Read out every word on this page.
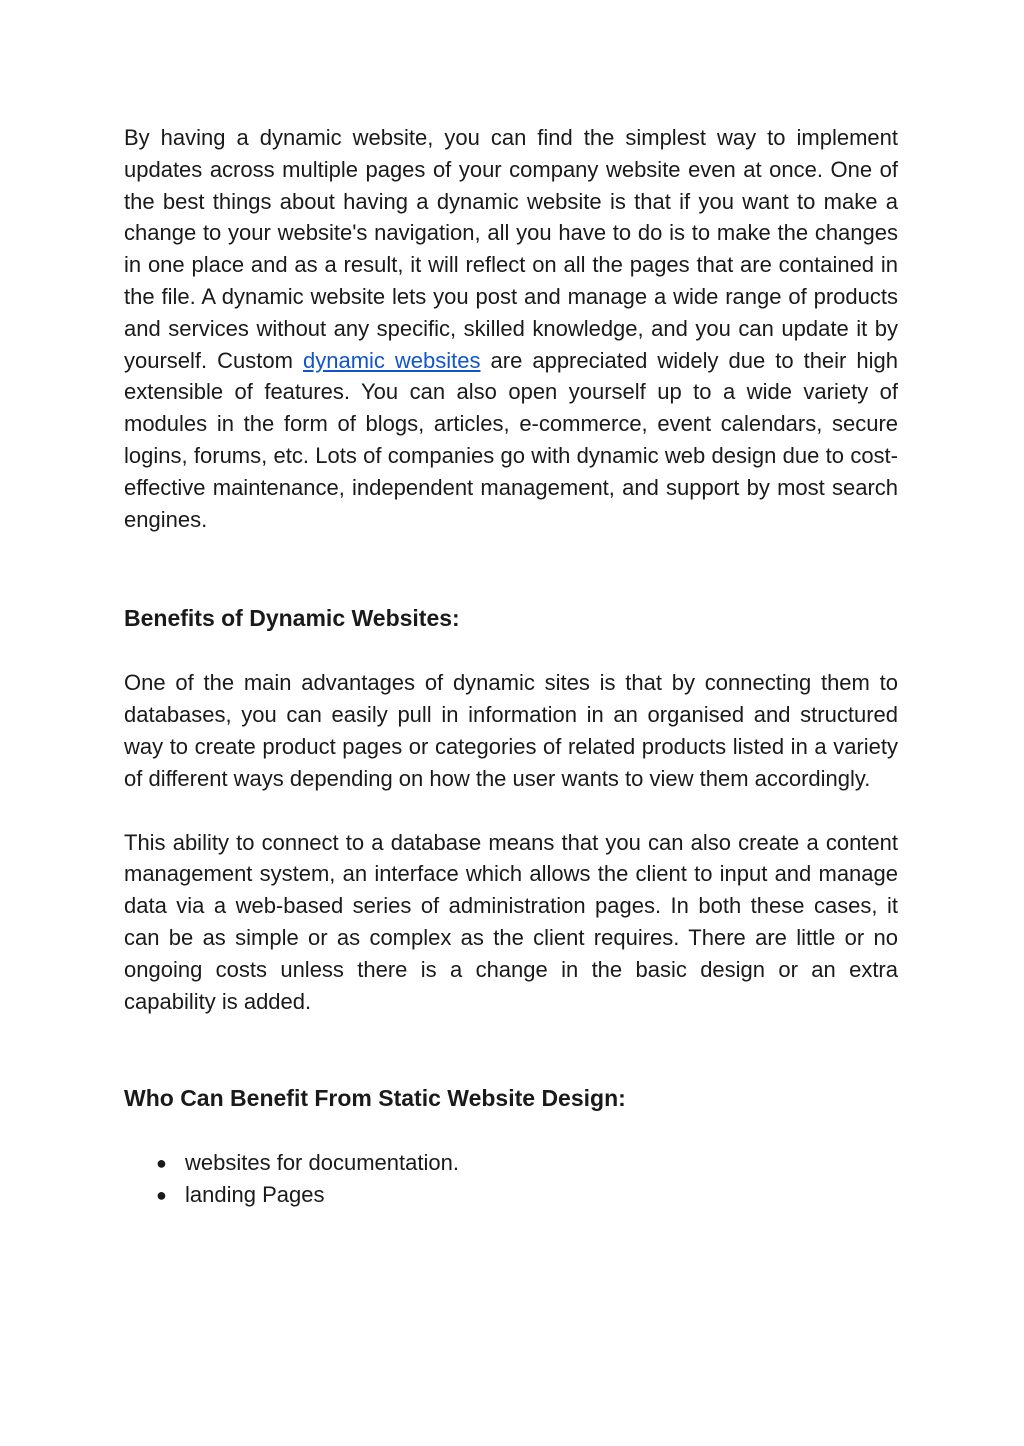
By having a dynamic website, you can find the simplest way to implement updates across multiple pages of your company website even at once. One of the best things about having a dynamic website is that if you want to make a change to your website's navigation, all you have to do is to make the changes in one place and as a result, it will reflect on all the pages that are contained in the file. A dynamic website lets you post and manage a wide range of products and services without any specific, skilled knowledge, and you can update it by yourself. Custom dynamic websites are appreciated widely due to their high extensible of features. You can also open yourself up to a wide variety of modules in the form of blogs, articles, e-commerce, event calendars, secure logins, forums, etc. Lots of companies go with dynamic web design due to cost-effective maintenance, independent management, and support by most search engines.

Benefits of Dynamic Websites:

One of the main advantages of dynamic sites is that by connecting them to databases, you can easily pull in information in an organised and structured way to create product pages or categories of related products listed in a variety of different ways depending on how the user wants to view them accordingly.

This ability to connect to a database means that you can also create a content management system, an interface which allows the client to input and manage data via a web-based series of administration pages. In both these cases, it can be as simple or as complex as the client requires. There are little or no ongoing costs unless there is a change in the basic design or an extra capability is added.

Who Can Benefit From Static Website Design:
● websites for documentation.
● landing Pages
